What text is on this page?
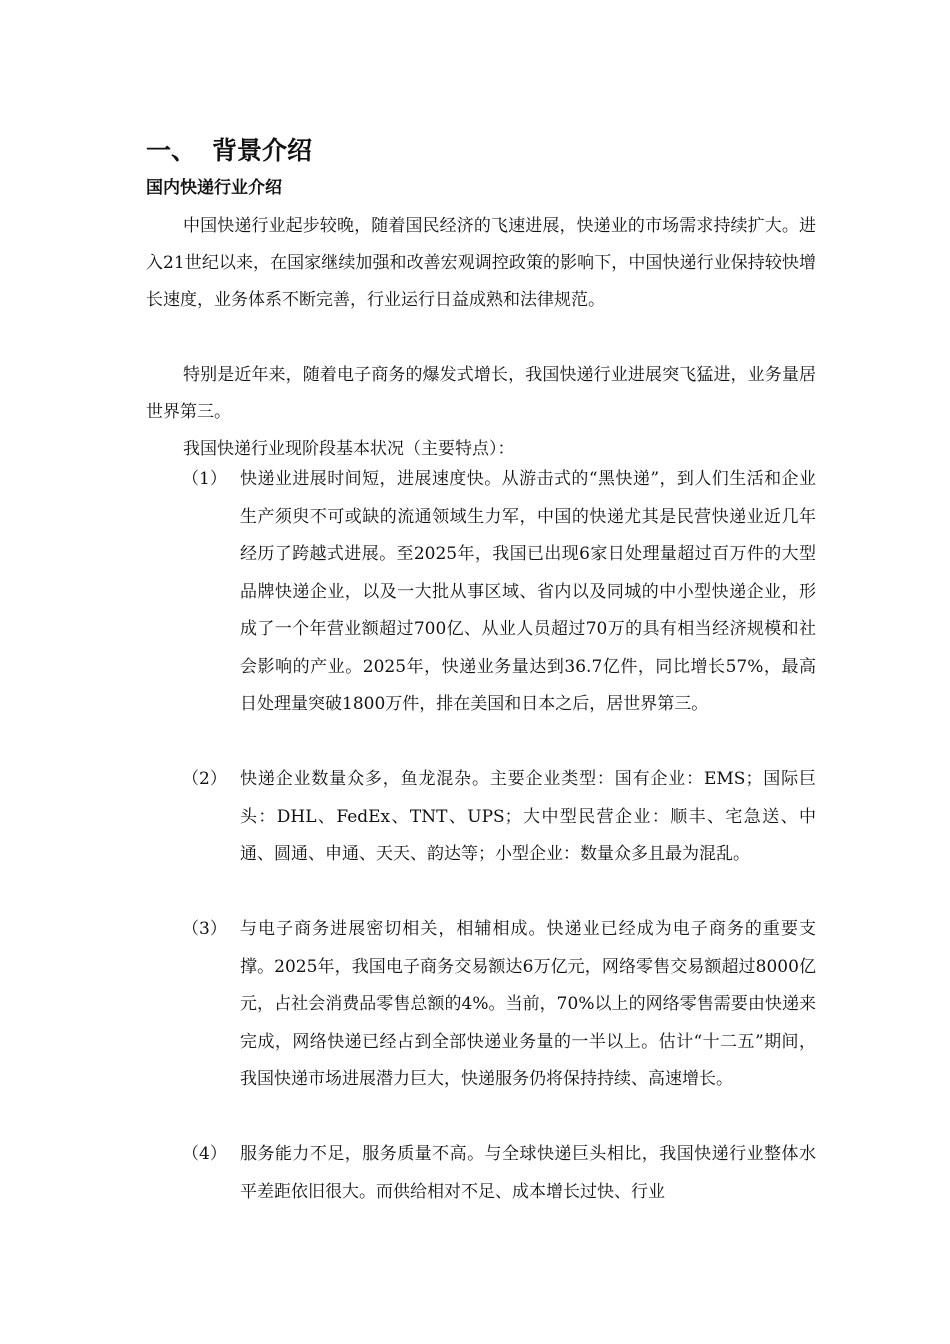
一、 背景介绍
国内快递行业介绍

中国快递行业起步较晚，随着国民经济的飞速进展，快递业的市场需求持续扩大。进入21世纪以来，在国家继续加强和改善宏观调控政策的影响下，中国快递行业保持较快增长速度，业务体系不断完善，行业运行日益成熟和法律规范。

特别是近年来，随着电子商务的爆发式增长，我国快递行业进展突飞猛进，业务量居世界第三。

我国快递行业现阶段基本状况（主要特点）：

（1） 快递业进展时间短，进展速度快。从游击式的“黑快递”，到人们生活和企业生产须臾不可或缺的流通领域生力军，中国的快递尤其是民营快递业近几年经历了跨越式进展。至2025年，我国已出现6家日处理量超过百万件的大型品牌快递企业，以及一大批从事区域、省内以及同城的中小型快递企业，形成了一个年营业额超过700亿、从业人员超过70万的具有相当经济规模和社会影响的产业。2025年，快递业务量达到36.7亿件，同比增长57%，最高日处理量突破1800万件，排在美国和日本之后，居世界第三。
（2） 快递企业数量众多，鱼龙混杂。主要企业类型：国有企业：EMS；国际巨头：DHL、FedEx、TNT、UPS；大中型民营企业：顺丰、宅急送、中通、圆通、申通、天天、韵达等；小型企业：数量众多且最为混乱。
（3） 与电子商务进展密切相关，相辅相成。快递业已经成为电子商务的重要支撑。2025年，我国电子商务交易额达6万亿元，网络零售交易额超过8000亿元，占社会消费品零售总额的4%。当前，70%以上的网络零售需要由快递来完成，网络快递已经占到全部快递业务量的一半以上。估计“十二五”期间，我国快递市场进展潜力巨大，快递服务仍将保持持续、高速增长。
（4） 服务能力不足，服务质量不高。与全球快递巨头相比，我国快递行业整体水平差距依旧很大。而供给相对不足、成本增长过快、行业
